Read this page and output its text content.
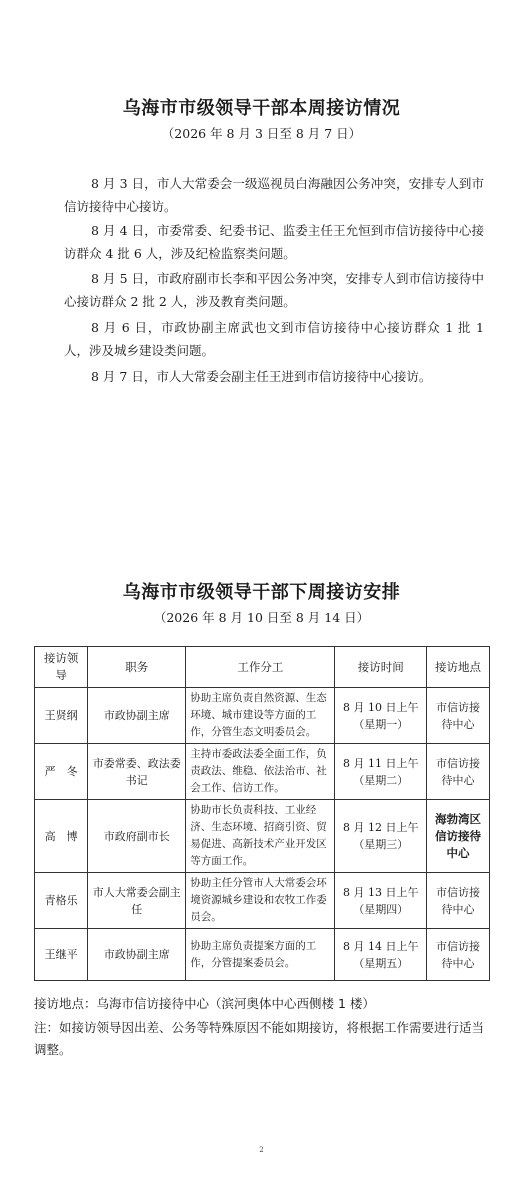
乌海市市级领导干部本周接访情况
（2026 年 8 月 3 日至 8 月 7 日）
8 月 3 日，市人大常委会一级巡视员白海融因公务冲突，安排专人到市信访接待中心接访。
8 月 4 日，市委常委、纪委书记、监委主任王允恒到市信访接待中心接访群众 4 批 6 人，涉及纪检监察类问题。
8 月 5 日，市政府副市长李和平因公务冲突，安排专人到市信访接待中心接访群众 2 批 2 人，涉及教育类问题。
8 月 6 日，市政协副主席武也文到市信访接待中心接访群众 1 批 1 人，涉及城乡建设类问题。
8 月 7 日，市人大常委会副主任王进到市信访接待中心接访。
乌海市市级领导干部下周接访安排
（2026 年 8 月 10 日至 8 月 14 日）
接访领导	职务	工作分工	接访时间	接访地点
王贤纲	市政协副主席	协助主席负责自然资源、生态环境、城市建设等方面的工作，分管生态文明委员会。	8 月 10 日上午（星期一）	市信访接待中心
严　冬	市委常委、政法委书记	主持市委政法委全面工作，负责政法、维稳、依法治市、社会工作、信访工作。	8 月 11 日上午（星期二）	市信访接待中心
高　博	市政府副市长	协助市长负责科技、工业经济、生态环境、招商引资、贸易促进、高新技术产业开发区等方面工作。	8 月 12 日上午（星期三）	海勃湾区信访接待中心
青格乐	市人大常委会副主任	协助主任分管市人大常委会环境资源城乡建设和农牧工作委员会。	8 月 13 日上午（星期四）	市信访接待中心
王继平	市政协副主席	协助主席负责提案方面的工作，分管提案委员会。	8 月 14 日上午（星期五）	市信访接待中心
接访地点：乌海市信访接待中心（滨河奥体中心西侧楼 1 楼）
注：如接访领导因出差、公务等特殊原因不能如期接访，将根据工作需要进行适当调整。
2
